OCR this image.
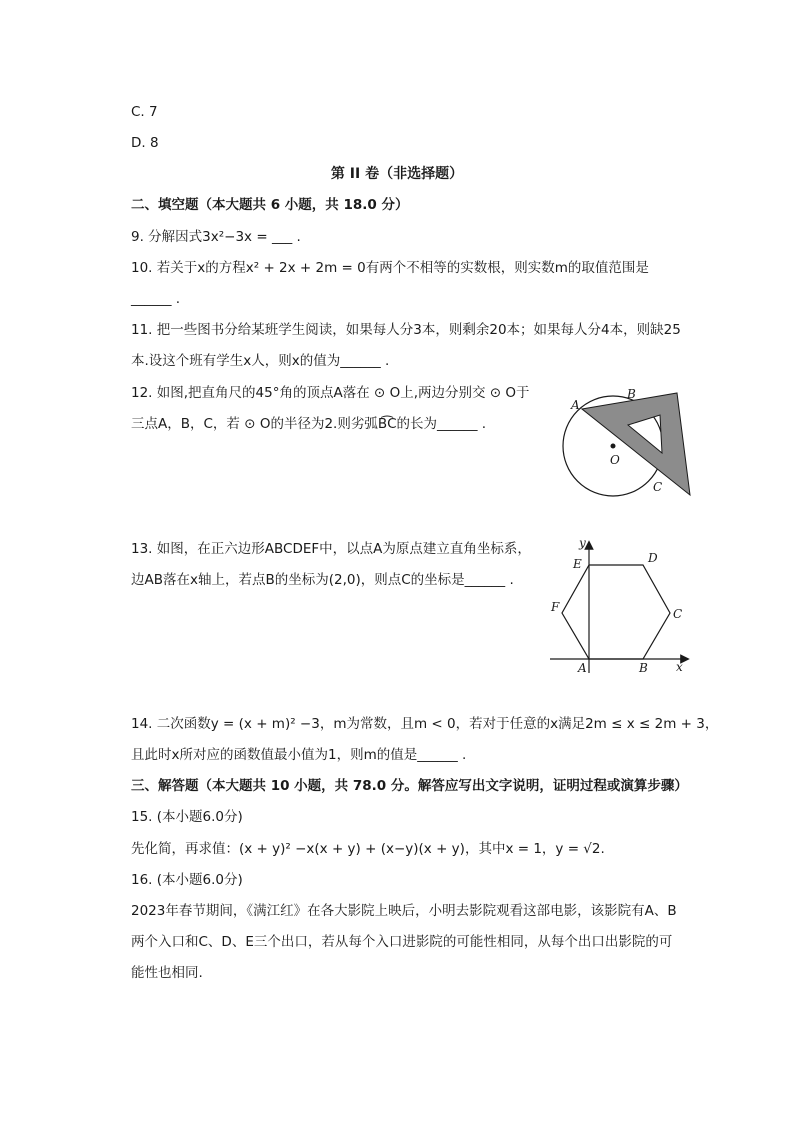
C. 7
D. 8
第 II 卷（非选择题）
二、填空题（本大题共 6 小题，共 18.0 分）
9. 分解因式3x²−3x = ___ .
10. 若关于x的方程x² + 2x + 2m = 0有两个不相等的实数根，则实数m的取值范围是
______ .
11. 把一些图书分给某班学生阅读，如果每人分3本，则剩余20本；如果每人分4本，则缺25
本.设这个班有学生x人，则x的值为______ .
12. 如图,把直角尺的45°角的顶点A落在 ⊙ O上,两边分别交 ⊙ O于
三点A，B，C，若 ⊙ O的半径为2.则劣弧B͡C的长为______ .
A
B
C
O
13. 如图，在正六边形ABCDEF中，以点A为原点建立直角坐标系，
边AB落在x轴上，若点B的坐标为(2,0)，则点C的坐标是______ .
y
x
A	B
C
D
E
F
14. 二次函数y = (x + m)² −3，m为常数，且m < 0，若对于任意的x满足2m ≤ x ≤ 2m + 3，
且此时x所对应的函数值最小值为1，则m的值是______ .
三、解答题（本大题共 10 小题，共 78.0 分。解答应写出文字说明，证明过程或演算步骤）
15. (本小题6.0分)
先化简，再求值：(x + y)² −x(x + y) + (x−y)(x + y)，其中x = 1，y = √2.
16. (本小题6.0分)
2023年春节期间，《满江红》在各大影院上映后，小明去影院观看这部电影，该影院有A、B
两个入口和C、D、E三个出口，若从每个入口进影院的可能性相同，从每个出口出影院的可
能性也相同.
